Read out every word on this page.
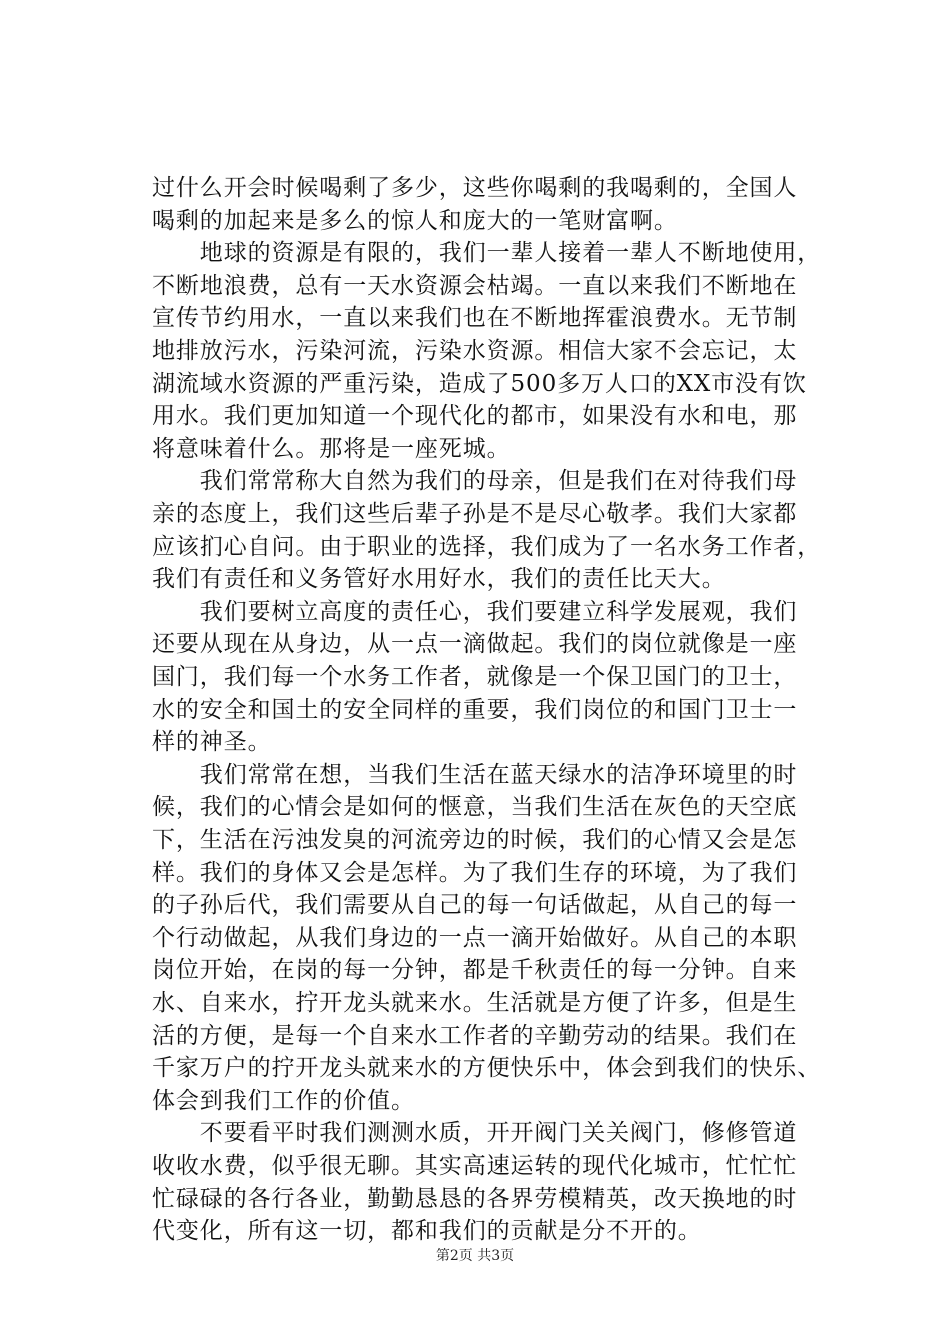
过什么开会时候喝剩了多少，这些你喝剩的我喝剩的，全国人
喝剩的加起来是多么的惊人和庞大的一笔财富啊。
　　地球的资源是有限的，我们一辈人接着一辈人不断地使用，
不断地浪费，总有一天水资源会枯竭。一直以来我们不断地在
宣传节约用水，一直以来我们也在不断地挥霍浪费水。无节制
地排放污水，污染河流，污染水资源。相信大家不会忘记，太
湖流域水资源的严重污染，造成了500多万人口的XX市没有饮
用水。我们更加知道一个现代化的都市，如果没有水和电，那
将意味着什么。那将是一座死城。
　　我们常常称大自然为我们的母亲，但是我们在对待我们母
亲的态度上，我们这些后辈子孙是不是尽心敬孝。我们大家都
应该扪心自问。由于职业的选择，我们成为了一名水务工作者，
我们有责任和义务管好水用好水，我们的责任比天大。
　　我们要树立高度的责任心，我们要建立科学发展观，我们
还要从现在从身边，从一点一滴做起。我们的岗位就像是一座
国门，我们每一个水务工作者，就像是一个保卫国门的卫士，
水的安全和国土的安全同样的重要，我们岗位的和国门卫士一
样的神圣。
　　我们常常在想，当我们生活在蓝天绿水的洁净环境里的时
候，我们的心情会是如何的惬意，当我们生活在灰色的天空底
下，生活在污浊发臭的河流旁边的时候，我们的心情又会是怎
样。我们的身体又会是怎样。为了我们生存的环境，为了我们
的子孙后代，我们需要从自己的每一句话做起，从自己的每一
个行动做起，从我们身边的一点一滴开始做好。从自己的本职
岗位开始，在岗的每一分钟，都是千秋责任的每一分钟。自来
水、自来水，拧开龙头就来水。生活就是方便了许多，但是生
活的方便，是每一个自来水工作者的辛勤劳动的结果。我们在
千家万户的拧开龙头就来水的方便快乐中，体会到我们的快乐、
体会到我们工作的价值。
　　不要看平时我们测测水质，开开阀门关关阀门，修修管道
收收水费，似乎很无聊。其实高速运转的现代化城市，忙忙忙
忙碌碌的各行各业，勤勤恳恳的各界劳模精英，改天换地的时
代变化，所有这一切，都和我们的贡献是分不开的。
第2页 共3页
